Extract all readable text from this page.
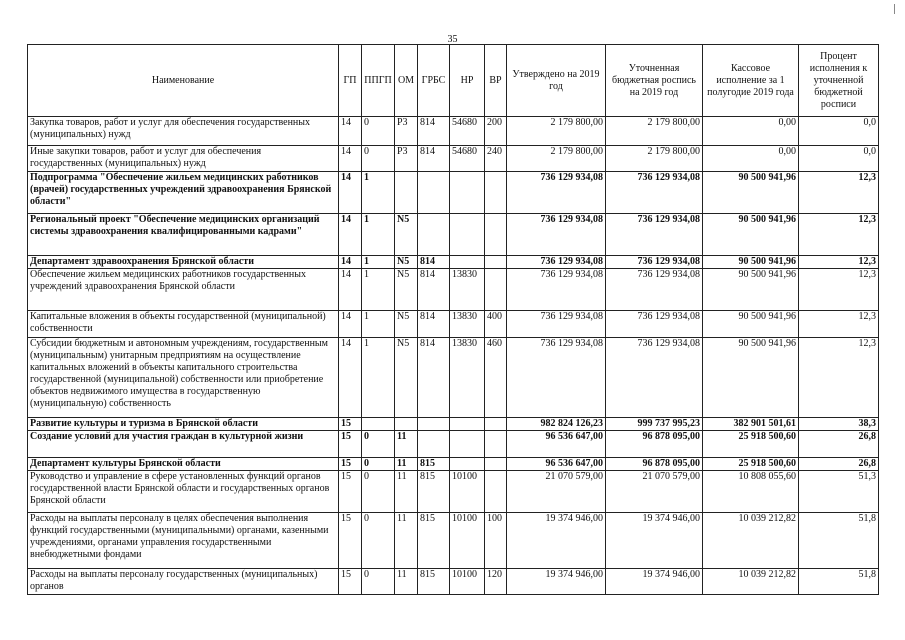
35
Наименование	ГП	ППГП	ОМ	ГРБС	НР	ВР	Утверждено на 2019 год	Уточненная бюджетная роспись на 2019 год	Кассовое исполнение за 1 полугодие 2019 года	Процент исполнения к уточненной бюджетной росписи
Закупка товаров, работ и услуг для обеспечения государственных (муниципальных) нужд	14	0	P3	814	54680	200	2 179 800,00	2 179 800,00	0,00	0,0
Иные закупки товаров, работ и услуг для обеспечения государственных (муниципальных) нужд	14	0	P3	814	54680	240	2 179 800,00	2 179 800,00	0,00	0,0
Подпрограмма "Обеспечение жильем медицинских работников (врачей) государственных учреждений здравоохранения Брянской области"	14	1					736 129 934,08	736 129 934,08	90 500 941,96	12,3
Региональный проект "Обеспечение медицинских организаций системы здравоохранения квалифицированными кадрами"	14	1	N5				736 129 934,08	736 129 934,08	90 500 941,96	12,3
Департамент здравоохранения Брянской области	14	1	N5	814			736 129 934,08	736 129 934,08	90 500 941,96	12,3
Обеспечение жильем медицинских работников государственных учреждений здравоохранения Брянской области	14	1	N5	814	13830		736 129 934,08	736 129 934,08	90 500 941,96	12,3
Капитальные вложения в объекты государственной (муниципальной) собственности	14	1	N5	814	13830	400	736 129 934,08	736 129 934,08	90 500 941,96	12,3
Субсидии бюджетным и автономным учреждениям, государственным (муниципальным) унитарным предприятиям на осуществление капитальных вложений в объекты капитального строительства государственной (муниципальной) собственности или приобретение объектов недвижимого имущества в государственную (муниципальную) собственность	14	1	N5	814	13830	460	736 129 934,08	736 129 934,08	90 500 941,96	12,3
Развитие культуры и туризма в Брянской области	15						982 824 126,23	999 737 995,23	382 901 501,61	38,3
Создание условий для участия граждан в культурной жизни	15	0	11				96 536 647,00	96 878 095,00	25 918 500,60	26,8
Департамент культуры Брянской области	15	0	11	815			96 536 647,00	96 878 095,00	25 918 500,60	26,8
Руководство и управление в сфере установленных функций органов государственной власти Брянской области и государственных органов Брянской области	15	0	11	815	10100		21 070 579,00	21 070 579,00	10 808 055,60	51,3
Расходы на выплаты персоналу в целях обеспечения выполнения функций государственными (муниципальными) органами, казенными учреждениями, органами управления государственными внебюджетными фондами	15	0	11	815	10100	100	19 374 946,00	19 374 946,00	10 039 212,82	51,8
Расходы на выплаты персоналу государственных (муниципальных) органов	15	0	11	815	10100	120	19 374 946,00	19 374 946,00	10 039 212,82	51,8
